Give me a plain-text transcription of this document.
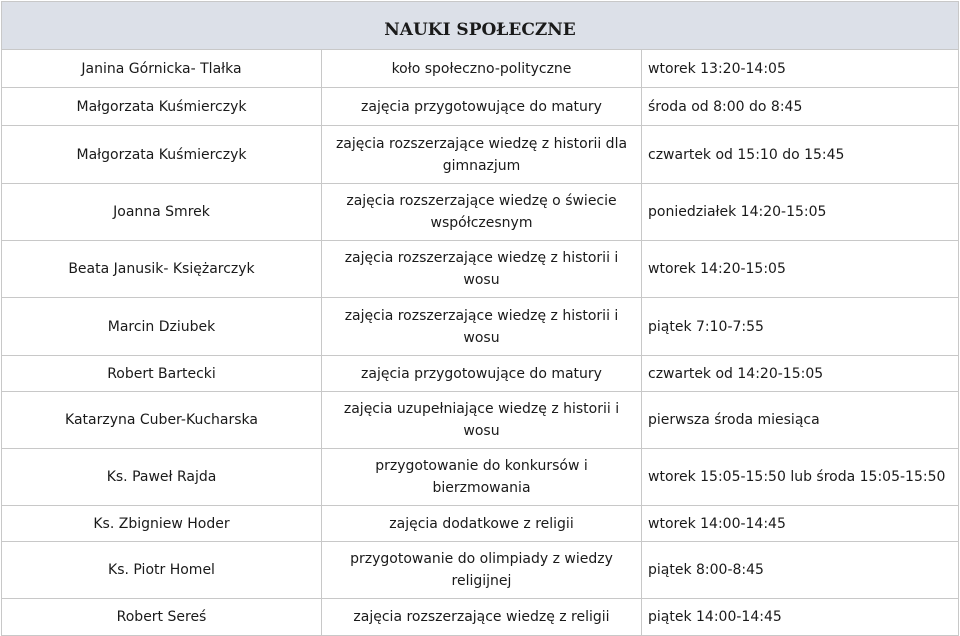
NAUKI SPOŁECZNE		
Janina Górnicka- Tlałka	koło społeczno-polityczne	wtorek 13:20-14:05
Małgorzata Kuśmierczyk	zajęcia przygotowujące do matury	środa od 8:00 do 8:45
Małgorzata Kuśmierczyk	zajęcia rozszerzające wiedzę z historii dla gimnazjum	czwartek od 15:10 do 15:45
Joanna Smrek	zajęcia rozszerzające wiedzę o świecie współczesnym	poniedziałek 14:20-15:05
Beata Janusik- Księżarczyk	zajęcia rozszerzające wiedzę z historii i wosu	wtorek 14:20-15:05
Marcin Dziubek	zajęcia rozszerzające wiedzę z historii i wosu	piątek 7:10-7:55
Robert Bartecki	zajęcia przygotowujące do matury	czwartek od 14:20-15:05
Katarzyna Cuber-Kucharska	zajęcia uzupełniające wiedzę z historii i wosu	pierwsza środa miesiąca
Ks. Paweł Rajda	przygotowanie do konkursów i bierzmowania	wtorek 15:05-15:50 lub środa 15:05-15:50
Ks. Zbigniew Hoder	zajęcia dodatkowe z religii	wtorek 14:00-14:45
Ks. Piotr Homel	przygotowanie do olimpiady z wiedzy religijnej	piątek 8:00-8:45
Robert Sereś	zajęcia rozszerzające wiedzę z religii	piątek 14:00-14:45
